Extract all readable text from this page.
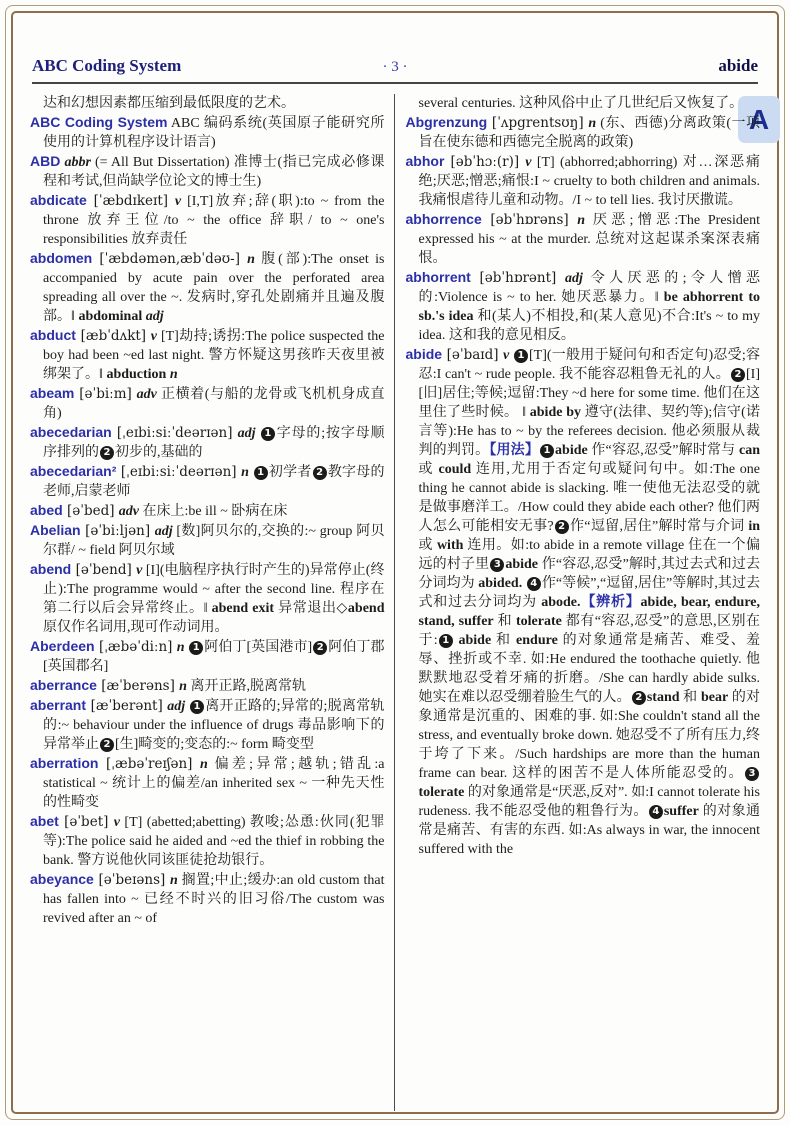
ABC Coding System	· 3 ·	abide
A

达和幻想因素都压缩到最低限度的艺术。

ABC Coding System ABC 编码系统(英国原子能研究所使用的计算机程序设计语言)

ABD abbr (= All But Dissertation) 准博士(指已完成必修课程和考试,但尚缺学位论文的博士生)

abdicate [ˈæbdɪkeɪt] v [I,T]放弃;辞(职):to ~ from the throne 放弃王位/to ~ the office 辞职/ to ~ one's responsibilities 放弃责任

abdomen [ˈæbdəmən,æbˈdəʊ-] n 腹(部):The onset is accompanied by acute pain over the perforated area spreading all over the ~. 发病时,穿孔处剧痛并且遍及腹部。‖ abdominal adj

abduct [æbˈdʌkt] v [T]劫持;诱拐:The police suspected the boy had been ~ed last night. 警方怀疑这男孩昨天夜里被绑架了。‖ abduction n

abeam [əˈbiːm] adv 正横着(与船的龙骨或飞机机身成直角)

abecedarian [ˌeɪbiːsiːˈdeərɪən] adj 1 字母的;按字母顺序排列的 2 初步的,基础的

abecedarian² [ˌeɪbiːsiːˈdeərɪən] n 1 初学者 2 教字母的老师,启蒙老师

abed [əˈbed] adv 在床上:be ill ~ 卧病在床

Abelian [əˈbiːljən] adj [数]阿贝尔的,交换的:~ group 阿贝尔群/ ~ field 阿贝尔域

abend [əˈbend] v [I](电脑程序执行时产生的)异常停止(终止):The programme would ~ after the second line. 程序在第二行以后会异常终止。‖ abend exit 异常退出◇abend 原仅作名词用,现可作动词用。

Aberdeen [ˌæbəˈdiːn] n 1 阿伯丁[英国港市] 2 阿伯丁郡[英国郡名]

aberrance [æˈberəns] n 离开正路,脱离常轨

aberrant [æˈberənt] adj 1 离开正路的;异常的;脱离常轨的:~ behaviour under the influence of drugs 毒品影响下的异常举止 2 [生]畸变的;变态的:~ form 畸变型

aberration [ˌæbəˈreɪʃən] n 偏差;异常;越轨;错乱:a statistical ~ 统计上的偏差/an inherited sex ~ 一种先天性的性畸变

abet [əˈbet] v [T] (abetted;abetting) 教唆;怂恿:伙同(犯罪等):The police said he aided and ~ed the thief in robbing the bank. 警方说他伙同该匪徒抢劫银行。

abeyance [əˈbeɪəns] n 搁置;中止;缓办:an old custom that has fallen into ~ 已经不时兴的旧习俗/The custom was revived after an ~ of

several centuries. 这种风俗中止了几世纪后又恢复了。

Abgrenzung [ˈʌpgrentsʊŋ] n (东、西德)分离政策(一项旨在使东德和西德完全脱离的政策)

abhor [əbˈhɔː(r)] v [T] (abhorred;abhorring) 对…深恶痛绝;厌恶;憎恶;痛恨:I ~ cruelty to both children and animals. 我痛恨虐待儿童和动物。/I ~ to tell lies. 我讨厌撒谎。

abhorrence [əbˈhɒrəns] n 厌恶;憎恶:The President expressed his ~ at the murder. 总统对这起谋杀案深表痛恨。

abhorrent [əbˈhɒrənt] adj 令人厌恶的;令人憎恶的:Violence is ~ to her. 她厌恶暴力。‖ be abhorrent to sb.'s idea 和(某人)不相投,和(某人意见)不合:It's ~ to my idea. 这和我的意见相反。

abide [əˈbaɪd] v 1 [T](一般用于疑问句和否定句)忍受;容忍:I can't ~ rude people. 我不能容忍粗鲁无礼的人。 2 [I][旧]居住;等候;逗留:They ~d here for some time. 他们在这里住了些时候。 ‖ abide by 遵守(法律、契约等);信守(诺言等):He has to ~ by the referees decision. 他必须服从裁判的判罚。【用法】 1 abide 作“容忍,忍受”解时常与 can 或 could 连用,尤用于否定句或疑问句中。如:The one thing he cannot abide is slacking. 唯一使他无法忍受的就是做事磨洋工。/How could they abide each other? 他们两人怎么可能相安无事? 2 作“逗留,居住”解时常与介词 in 或 with 连用。如:to abide in a remote village 住在一个偏远的村子里 3 abide 作“容忍,忍受”解时,其过去式和过去分词均为 abided. 4 作“等候”,“逗留,居住”等解时,其过去式和过去分词均为 abode.【辨析】abide, bear, endure, stand, suffer 和 tolerate 都有“容忍,忍受”的意思,区别在于: 1 abide 和 endure 的对象通常是痛苦、难受、羞辱、挫折或不幸. 如:He endured the toothache quietly. 他默默地忍受着牙痛的折磨。/She can hardly abide sulks. 她实在难以忍受绷着脸生气的人。 2 stand 和 bear 的对象通常是沉重的、困难的事. 如:She couldn't stand all the stress, and eventually broke down. 她忍受不了所有压力,终于垮了下来。/Such hardships are more than the human frame can bear. 这样的困苦不是人体所能忍受的。 3tolerate 的对象通常是“厌恶,反对”. 如:I cannot tolerate his rudeness. 我不能忍受他的粗鲁行为。 4 suffer 的对象通常是痛苦、有害的东西. 如:As always in war, the innocent suffered with the
